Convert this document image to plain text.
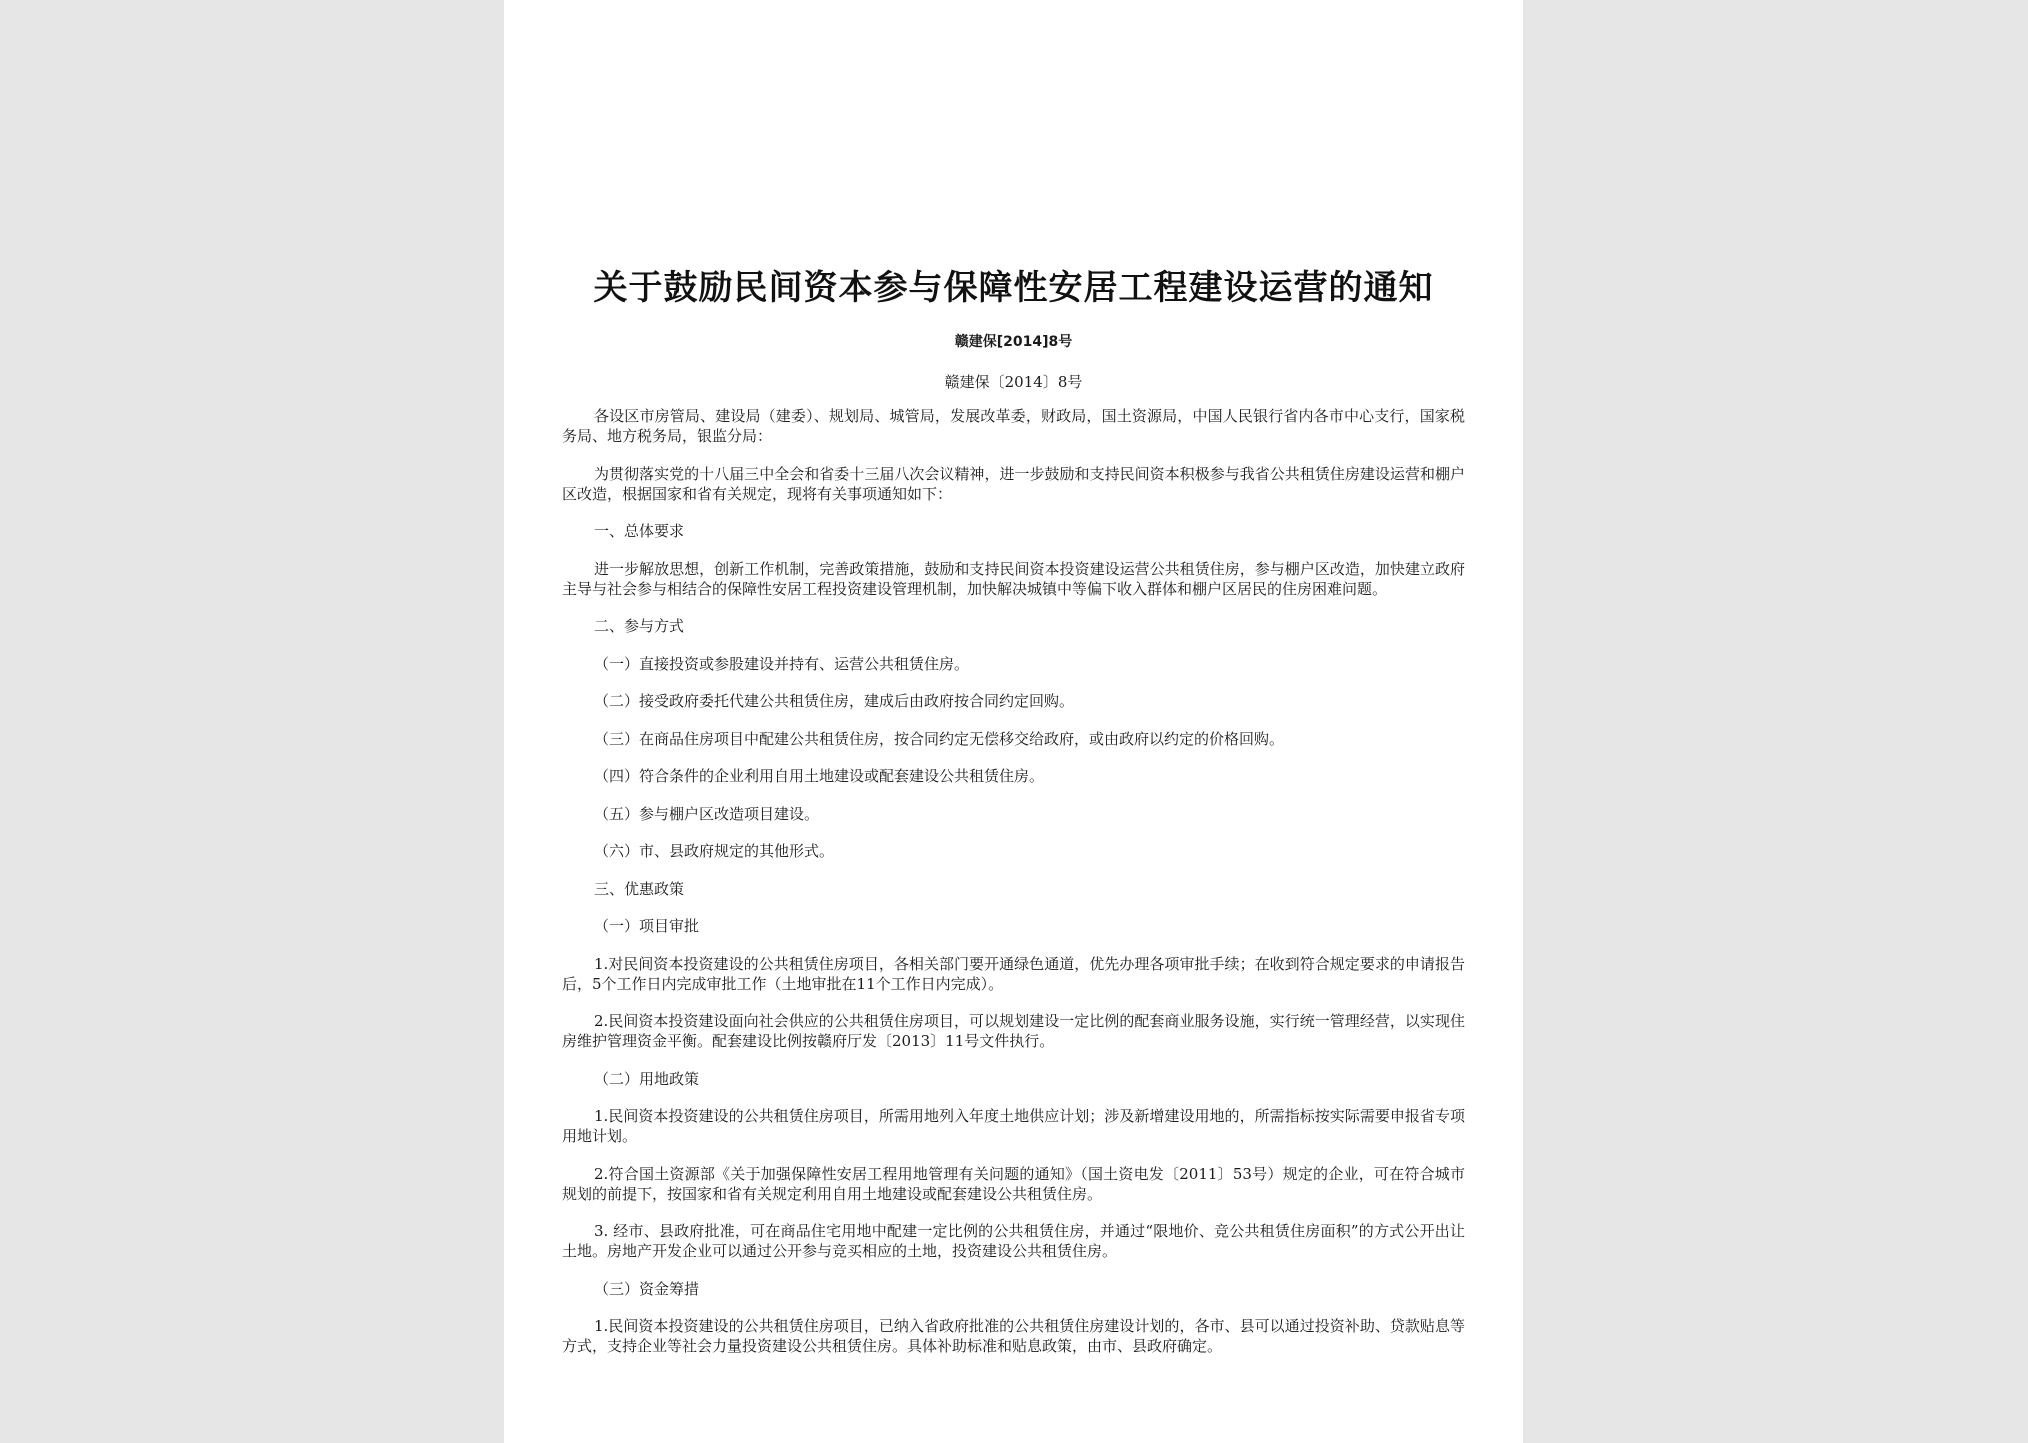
关于鼓励民间资本参与保障性安居工程建设运营的通知
赣建保[2014]8号
赣建保〔2014〕8号

各设区市房管局、建设局（建委）、规划局、城管局，发展改革委，财政局，国土资源局，中国人民银行省内各市中心支行，国家税务局、地方税务局，银监分局：

为贯彻落实党的十八届三中全会和省委十三届八次会议精神，进一步鼓励和支持民间资本积极参与我省公共租赁住房建设运营和棚户区改造，根据国家和省有关规定，现将有关事项通知如下：

一、总体要求

进一步解放思想，创新工作机制，完善政策措施，鼓励和支持民间资本投资建设运营公共租赁住房，参与棚户区改造，加快建立政府主导与社会参与相结合的保障性安居工程投资建设管理机制，加快解决城镇中等偏下收入群体和棚户区居民的住房困难问题。

二、参与方式

（一）直接投资或参股建设并持有、运营公共租赁住房。

（二）接受政府委托代建公共租赁住房，建成后由政府按合同约定回购。

（三）在商品住房项目中配建公共租赁住房，按合同约定无偿移交给政府，或由政府以约定的价格回购。

（四）符合条件的企业利用自用土地建设或配套建设公共租赁住房。

（五）参与棚户区改造项目建设。

（六）市、县政府规定的其他形式。

三、优惠政策

（一）项目审批

1.对民间资本投资建设的公共租赁住房项目，各相关部门要开通绿色通道，优先办理各项审批手续；在收到符合规定要求的申请报告后，5个工作日内完成审批工作（土地审批在11个工作日内完成）。

2.民间资本投资建设面向社会供应的公共租赁住房项目，可以规划建设一定比例的配套商业服务设施，实行统一管理经营，以实现住房维护管理资金平衡。配套建设比例按赣府厅发〔2013〕11号文件执行。

（二）用地政策

1.民间资本投资建设的公共租赁住房项目，所需用地列入年度土地供应计划；涉及新增建设用地的，所需指标按实际需要申报省专项用地计划。

2.符合国土资源部《关于加强保障性安居工程用地管理有关问题的通知》（国土资电发〔2011〕53号）规定的企业，可在符合城市规划的前提下，按国家和省有关规定利用自用土地建设或配套建设公共租赁住房。

3. 经市、县政府批准，可在商品住宅用地中配建一定比例的公共租赁住房，并通过“限地价、竞公共租赁住房面积”的方式公开出让土地。房地产开发企业可以通过公开参与竞买相应的土地，投资建设公共租赁住房。

（三）资金筹措

1.民间资本投资建设的公共租赁住房项目，已纳入省政府批准的公共租赁住房建设计划的，各市、县可以通过投资补助、贷款贴息等方式，支持企业等社会力量投资建设公共租赁住房。具体补助标准和贴息政策，由市、县政府确定。
